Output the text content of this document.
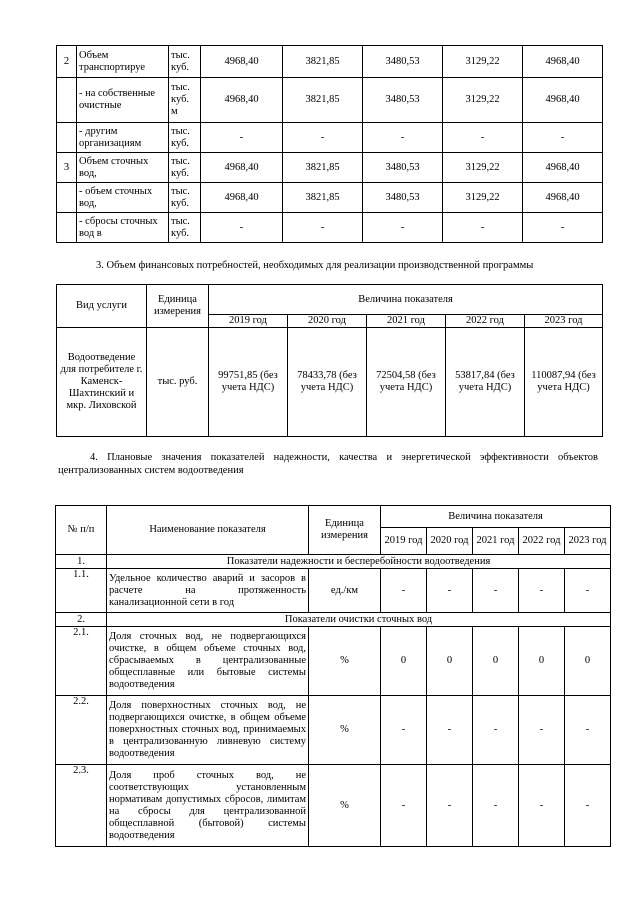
2	Объем транспортируе	тыс. куб.	4968,40	3821,85	3480,53	3129,22	4968,40
	- на собственные очистные	тыс. куб. м	4968,40	3821,85	3480,53	3129,22	4968,40
	- другим организациям	тыс. куб.	-	-	-	-	-
3	Объем сточных вод,	тыс. куб.	4968,40	3821,85	3480,53	3129,22	4968,40
	- объем сточных вод,	тыс. куб.	4968,40	3821,85	3480,53	3129,22	4968,40
	- сбросы сточных вод в	тыс. куб.	-	-	-	-	-
3. Объем финансовых потребностей, необходимых для реализации производственной программы
Вид услуги	Единица измерения	Величина показателя				
		2019 год	2020 год	2021 год	2022 год	2023 год
Водоотведение для потребителе г. Каменск-Шахтинский и мкр. Лиховской	тыс. руб.	99751,85 (без учета НДС)	78433,78 (без учета НДС)	72504,58 (без учета НДС)	53817,84 (без учета НДС)	110087,94 (без учета НДС)
4. Плановые значения показателей надежности, качества и энергетической эффективности объектов централизованных систем водоотведения
№ п/п	Наименование показателя	Единица измерения	Величина показателя				
			2019 год	2020 год	2021 год	2022 год	2023 год
1.	Показатели надежности и бесперебойности водоотведения						
1.1.	Удельное количество аварий и засоров в расчете на протяженность канализационной сети в год	ед./км	-	-	-	-	-
2.	Показатели очистки сточных вод						
2.1.	Доля сточных вод, не подвергающихся очистке, в общем объеме сточных вод, сбрасываемых в централизованные общесплавные или бытовые системы водоотведения	%	0	0	0	0	0
2.2.	Доля поверхностных сточных вод, не подвергающихся очистке, в общем объеме поверхностных сточных вод, принимаемых в централизованную ливневую систему водоотведения	%	-	-	-	-	-
2.3.	Доля проб сточных вод, не соответствующих установленным нормативам допустимых сбросов, лимитам на сбросы для централизованной общесплавной (бытовой) системы водоотведения	%	-	-	-	-	-
